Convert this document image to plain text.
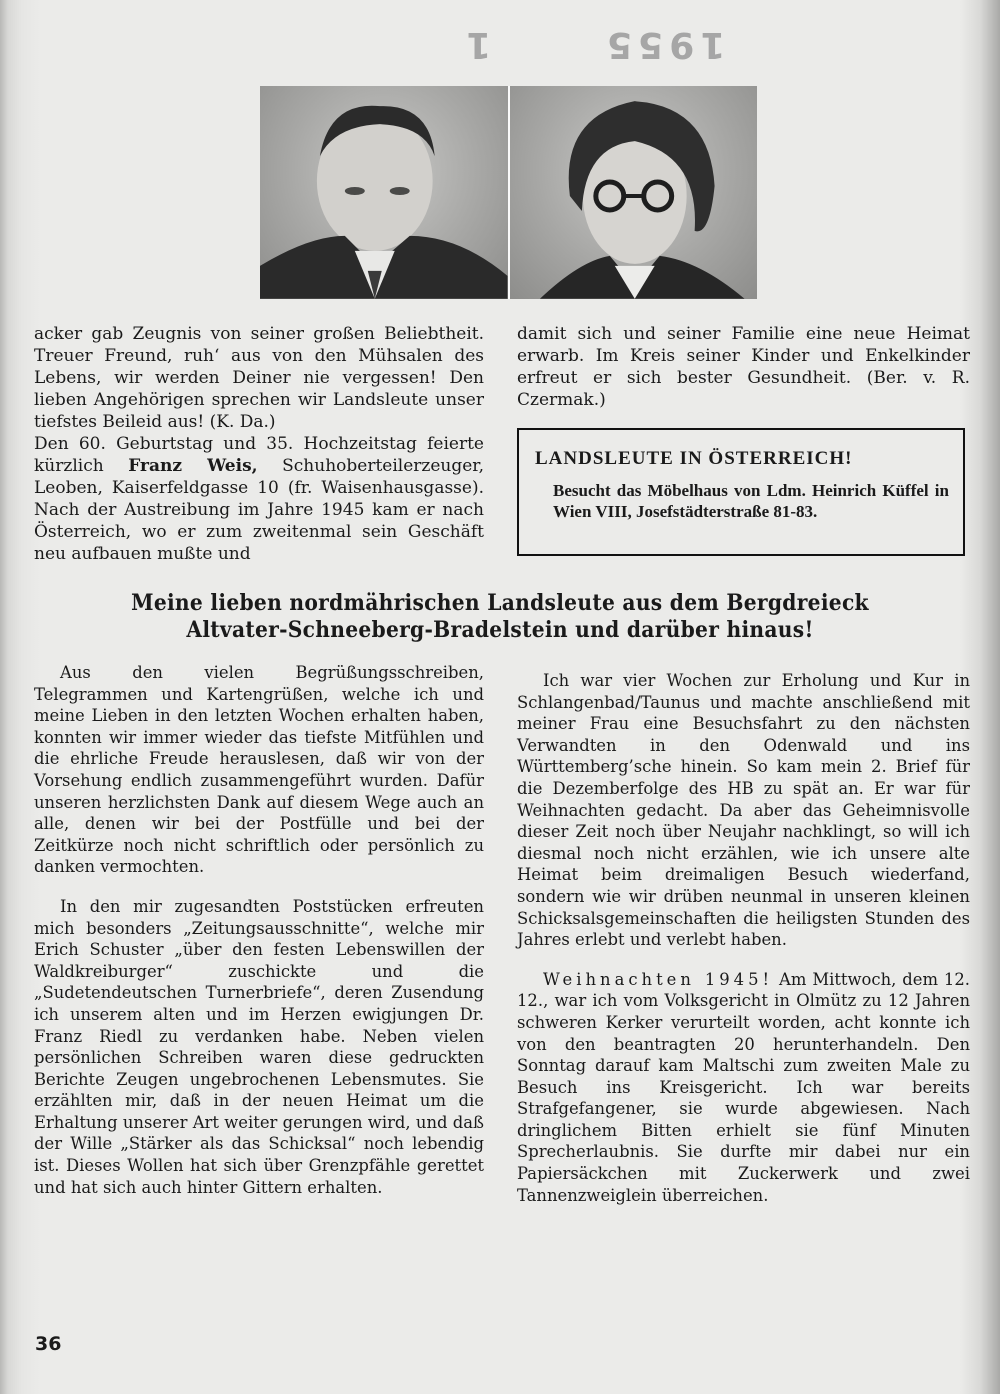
19551

acker gab Zeugnis von seiner großen Beliebtheit. Treuer Freund, ruh‘ aus von den Mühsalen des Lebens, wir werden Deiner nie vergessen! Den lieben Angehörigen sprechen wir Landsleute unser tiefstes Beileid aus! (K. Da.)

Den 60. Geburtstag und 35. Hochzeitstag feierte kürzlich Franz Weis, Schuhoberteilerzeuger, Leoben, Kaiserfeldgasse 10 (fr. Waisenhausgasse). Nach der Austreibung im Jahre 1945 kam er nach Österreich, wo er zum zweitenmal sein Geschäft neu aufbauen mußte und

damit sich und seiner Familie eine neue Heimat erwarb. Im Kreis seiner Kinder und Enkelkinder erfreut er sich bester Gesundheit. (Ber. v. R. Czermak.)

LANDSLEUTE IN ÖSTERREICH!
Besucht das Möbelhaus von Ldm. Heinrich Küffel in Wien VIII, Josefstädterstraße 81-83.
Meine lieben nordmährischen Landsleute aus dem Bergdreieck
Altvater-Schneeberg-Bradelstein und darüber hinaus!

Aus den vielen Begrüßungsschreiben, Telegrammen und Kartengrüßen, welche ich und meine Lieben in den letzten Wochen erhalten haben, konnten wir immer wieder das tiefste Mitfühlen und die ehrliche Freude herauslesen, daß wir von der Vorsehung endlich zusammengeführt wurden. Dafür unseren herzlichsten Dank auf diesem Wege auch an alle, denen wir bei der Postfülle und bei der Zeitkürze noch nicht schriftlich oder persönlich zu danken vermochten.

In den mir zugesandten Poststücken erfreuten mich besonders „Zeitungsausschnitte“, welche mir Erich Schuster „über den festen Lebenswillen der Waldkreiburger“ zuschickte und die „Sudetendeutschen Turnerbriefe“, deren Zusendung ich unserem alten und im Herzen ewigjungen Dr. Franz Riedl zu verdanken habe. Neben vielen persönlichen Schreiben waren diese gedruckten Berichte Zeugen ungebrochenen Lebensmutes. Sie erzählten mir, daß in der neuen Heimat um die Erhaltung unserer Art weiter gerungen wird, und daß der Wille „Stärker als das Schicksal“ noch lebendig ist. Dieses Wollen hat sich über Grenzpfähle gerettet und hat sich auch hinter Gittern erhalten.

Ich war vier Wochen zur Erholung und Kur in Schlangenbad/Taunus und machte anschließend mit meiner Frau eine Besuchsfahrt zu den nächsten Verwandten in den Odenwald und ins Württemberg’sche hinein. So kam mein 2. Brief für die Dezemberfolge des HB zu spät an. Er war für Weihnachten gedacht. Da aber das Geheimnisvolle dieser Zeit noch über Neujahr nachklingt, so will ich diesmal noch nicht erzählen, wie ich unsere alte Heimat beim dreimaligen Besuch wiederfand, sondern wie wir drüben neunmal in unseren kleinen Schicksalsgemeinschaften die heiligsten Stunden des Jahres erlebt und verlebt haben.

Weihnachten 1945! Am Mittwoch, dem 12. 12., war ich vom Volksgericht in Olmütz zu 12 Jahren schweren Kerker verurteilt worden, acht konnte ich von den beantragten 20 herunterhandeln. Den Sonntag darauf kam Maltschi zum zweiten Male zu Besuch ins Kreisgericht. Ich war bereits Strafgefangener, sie wurde abgewiesen. Nach dringlichem Bitten erhielt sie fünf Minuten Sprecherlaubnis. Sie durfte mir dabei nur ein Papiersäckchen mit Zuckerwerk und zwei Tannenzweiglein überreichen.

36
